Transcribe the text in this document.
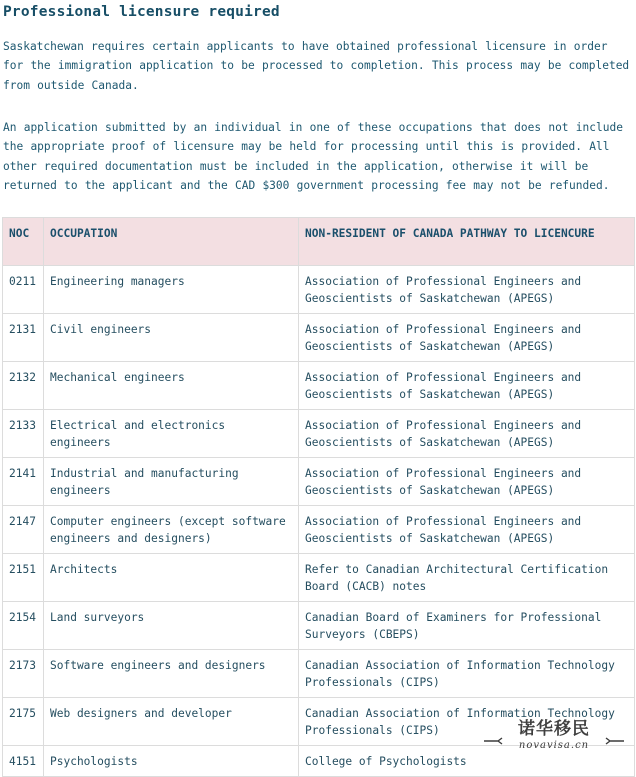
Professional licensure required
Saskatchewan requires certain applicants to have obtained professional licensure in order for the immigration application to be processed to completion. This process may be completed from outside Canada.
An application submitted by an individual in one of these occupations that does not include the appropriate proof of licensure may be held for processing until this is provided. All other required documentation must be included in the application, otherwise it will be returned to the applicant and the CAD $300 government processing fee may not be refunded.
NOC	OCCUPATION	NON-RESIDENT OF CANADA PATHWAY TO LICENCURE
0211	Engineering managers	Association of Professional Engineers and Geoscientists of Saskatchewan (APEGS)
2131	Civil engineers	Association of Professional Engineers and Geoscientists of Saskatchewan (APEGS)
2132	Mechanical engineers	Association of Professional Engineers and Geoscientists of Saskatchewan (APEGS)
2133	Electrical and electronics engineers	Association of Professional Engineers and Geoscientists of Saskatchewan (APEGS)
2141	Industrial and manufacturing engineers	Association of Professional Engineers and Geoscientists of Saskatchewan (APEGS)
2147	Computer engineers (except software engineers and designers)	Association of Professional Engineers and Geoscientists of Saskatchewan (APEGS)
2151	Architects	Refer to Canadian Architectural Certification Board (CACB) notes
2154	Land surveyors	Canadian Board of Examiners for Professional Surveyors (CBEPS)
2173	Software engineers and designers	Canadian Association of Information Technology Professionals (CIPS)
2175	Web designers and developer	Canadian Association of Information Technology Professionals (CIPS)
4151	Psychologists	College of Psychologists
诺华移民
novavisa.cn
